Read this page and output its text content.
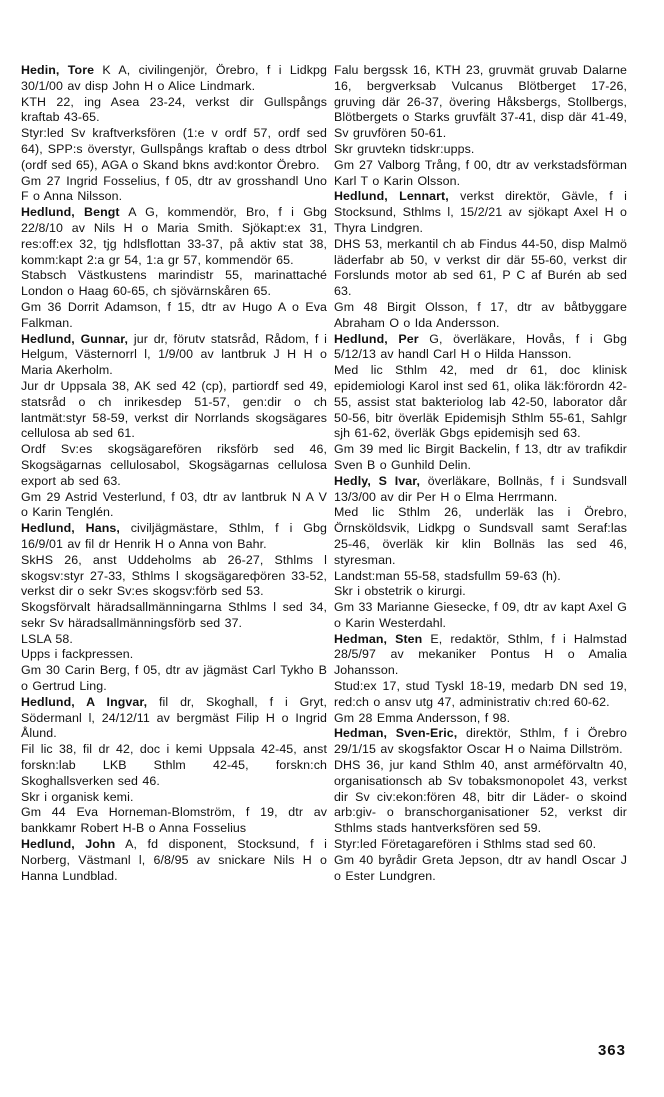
Hedin, Tore K A, civilingenjör, Örebro, f i Lidkpg 30/1/00 av disp John H o Alice Lindmark.

KTH 22, ing Asea 23-24, verkst dir Gullspångs kraftab 43-65.

Styr:led Sv kraftverksfören (1:e v ordf 57, ordf sed 64), SPP:s överstyr, Gullspångs kraftab o dess dtrbol (ordf sed 65), AGA o Skand bkns avd:kontor Örebro.

Gm 27 Ingrid Fosselius, f 05, dtr av grosshandl Uno F o Anna Nilsson.

Hedlund, Bengt A G, kommendör, Bro, f i Gbg 22/8/10 av Nils H o Maria Smith. Sjökapt:ex 31, res:off:ex 32, tjg hdlsflottan 33-37, på aktiv stat 38, komm:kapt 2:a gr 54, 1:a gr 57, kommendör 65.

Stabsch Västkustens marindistr 55, marinattaché London o Haag 60-65, ch sjövärnskåren 65.

Gm 36 Dorrit Adamson, f 15, dtr av Hugo A o Eva Falkman.

Hedlund, Gunnar, jur dr, förutv statsråd, Rådom, f i Helgum, Västernorrl l, 1/9/00 av lantbruk J H H o Maria Akerholm.

Jur dr Uppsala 38, AK sed 42 (cp), partiordf sed 49, statsråd o ch inrikesdep 51-57, gen:dir o ch lantmät:styr 58-59, verkst dir Norrlands skogsägares cellulosa ab sed 61.

Ordf Sv:es skogsägarefören riksförb sed 46, Skogsägarnas cellulosabol, Skogsägarnas cellulosa export ab sed 63.

Gm 29 Astrid Vesterlund, f 03, dtr av lantbruk N A V o Karin Tenglén.

Hedlund, Hans, civiljägmästare, Sthlm, f i Gbg 16/9/01 av fil dr Henrik H o Anna von Bahr.

SkHS 26, anst Uddeholms ab 26-27, Sthlms l skogsv:styr 27-33, Sthlms l skogsägareфören 33-52, verkst dir o sekr Sv:es skogsv:förb sed 53.

Skogsförvalt häradsallmänningarna Sthlms l sed 34, sekr Sv häradsallmänningsförb sed 37.

LSLA 58.

Upps i fackpressen.

Gm 30 Carin Berg, f 05, dtr av jägmäst Carl Tykho B o Gertrud Ling.

Hedlund, A Ingvar, fil dr, Skoghall, f i Gryt, Södermanl l, 24/12/11 av bergmäst Filip H o Ingrid Ålund.

Fil lic 38, fil dr 42, doc i kemi Uppsala 42-45, anst forskn:lab LKB Sthlm 42-45, forskn:ch Skoghallsverken sed 46.

Skr i organisk kemi.

Gm 44 Eva Horneman-Blomström, f 19, dtr av bankkamr Robert H-B o Anna Fosselius

Hedlund, John A, fd disponent, Stocksund, f i Norberg, Västmanl l, 6/8/95 av snickare Nils H o Hanna Lundblad.

Falu bergssk 16, KTH 23, gruvmät gruvab Dalarne 16, bergverksab Vulcanus Blötberget 17-26, gruving där 26-37, övering Håksbergs, Stollbergs, Blötbergets o Starks gruvfält 37-41, disp där 41-49, Sv gruvfören 50-61.

Skr gruvtekn tidskr:upps.

Gm 27 Valborg Trång, f 00, dtr av verkstadsförman Karl T o Karin Olsson.

Hedlund, Lennart, verkst direktör, Gävle, f i Stocksund, Sthlms l, 15/2/21 av sjökapt Axel H o Thyra Lindgren.

DHS 53, merkantil ch ab Findus 44-50, disp Malmö läderfabr ab 50, v verkst dir där 55-60, verkst dir Forslunds motor ab sed 61, P C af Burén ab sed 63.

Gm 48 Birgit Olsson, f 17, dtr av båtbyggare Abraham O o Ida Andersson.

Hedlund, Per G, överläkare, Hovås, f i Gbg 5/12/13 av handl Carl H o Hilda Hansson.

Med lic Sthlm 42, med dr 61, doc klinisk epidemiologi Karol inst sed 61, olika läk:förordn 42-55, assist stat bakteriolog lab 42-50, laborator dår 50-56, bitr överläk Epidemisjh Sthlm 55-61, Sahlgr sjh 61-62, överläk Gbgs epidemisjh sed 63.

Gm 39 med lic Birgit Backelin, f 13, dtr av trafikdir Sven B o Gunhild Delin.

Hedly, S Ivar, överläkare, Bollnäs, f i Sundsvall 13/3/00 av dir Per H o Elma Herrmann.

Med lic Sthlm 26, underläk las i Örebro, Örnsköldsvik, Lidkpg o Sundsvall samt Seraf:las 25-46, överläk kir klin Bollnäs las sed 46, styresman.

Landst:man 55-58, stadsfullm 59-63 (h).

Skr i obstetrik o kirurgi.

Gm 33 Marianne Giesecke, f 09, dtr av kapt Axel G o Karin Westerdahl.

Hedman, Sten E, redaktör, Sthlm, f i Halmstad 28/5/97 av mekaniker Pontus H o Amalia Johansson.

Stud:ex 17, stud Tyskl 18-19, medarb DN sed 19, red:ch o ansv utg 47, administrativ ch:red 60-62.

Gm 28 Emma Andersson, f 98.

Hedman, Sven-Eric, direktör, Sthlm, f i Örebro 29/1/15 av skogsfaktor Oscar H o Naima Dillström.

DHS 36, jur kand Sthlm 40, anst arméförvaltn 40, organisationsch ab Sv tobaksmonopolet 43, verkst dir Sv civ:ekon:fören 48, bitr dir Läder- o skoind arb:giv- o branschorganisationer 52, verkst dir Sthlms stads hantverksfören sed 59.

Styr:led Företagarefören i Sthlms stad sed 60.

Gm 40 byrådir Greta Jepson, dtr av handl Oscar J o Ester Lundgren.

363
